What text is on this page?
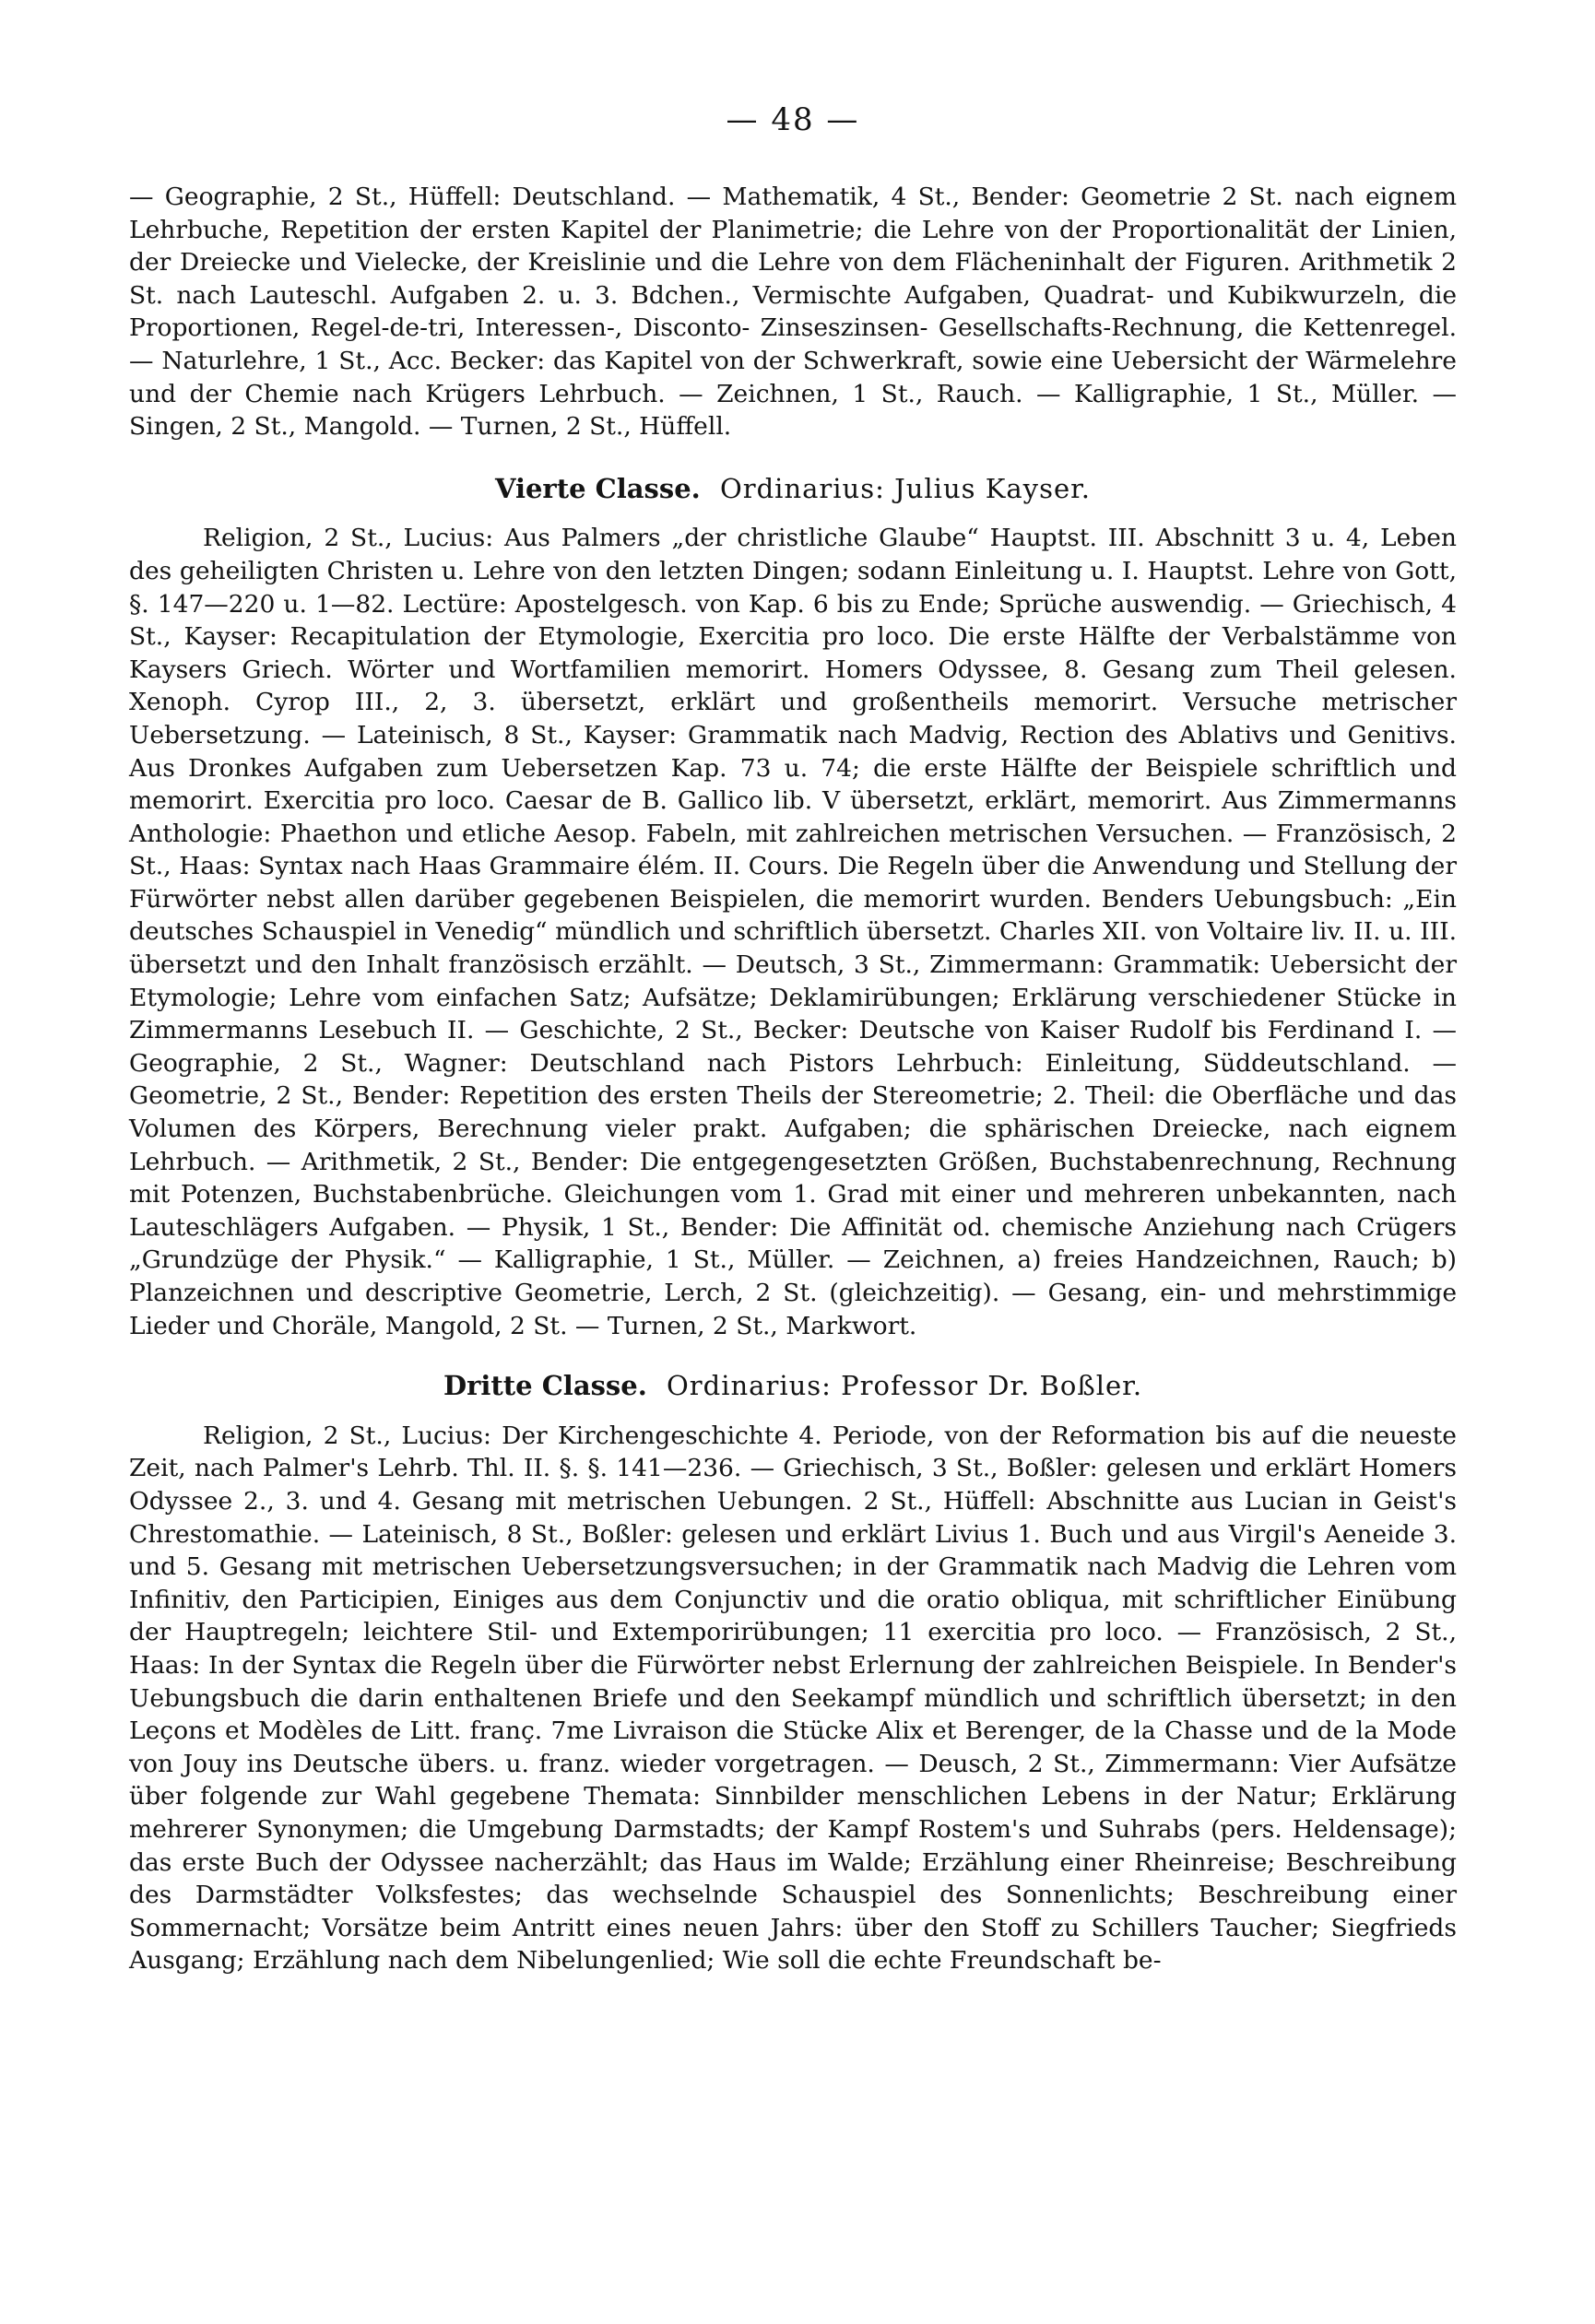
— 48 —

— Geographie, 2 St., Hüffell: Deutschland. — Mathematik, 4 St., Bender: Geometrie 2 St. nach eignem Lehrbuche, Repetition der ersten Kapitel der Planimetrie; die Lehre von der Proportionalität der Linien, der Dreiecke und Vielecke, der Kreislinie und die Lehre von dem Flächeninhalt der Figuren. Arithmetik 2 St. nach Lauteschl. Aufgaben 2. u. 3. Bdchen., Vermischte Aufgaben, Quadrat- und Kubikwurzeln, die Proportionen, Regel-de-tri, Interessen-, Disconto- Zinseszinsen- Gesellschafts-Rechnung, die Kettenregel. — Naturlehre, 1 St., Acc. Becker: das Kapitel von der Schwerkraft, sowie eine Uebersicht der Wärmelehre und der Chemie nach Krügers Lehrbuch. — Zeichnen, 1 St., Rauch. — Kalligraphie, 1 St., Müller. — Singen, 2 St., Mangold. — Turnen, 2 St., Hüffell.

Vierte Classe. Ordinarius: Julius Kayser.

Religion, 2 St., Lucius: Aus Palmers „der christliche Glaube“ Hauptst. III. Abschnitt 3 u. 4, Leben des geheiligten Christen u. Lehre von den letzten Dingen; sodann Einleitung u. I. Hauptst. Lehre von Gott, §. 147—220 u. 1—82. Lectüre: Apostelgesch. von Kap. 6 bis zu Ende; Sprüche auswendig. — Griechisch, 4 St., Kayser: Recapitulation der Etymologie, Exercitia pro loco. Die erste Hälfte der Verbalstämme von Kaysers Griech. Wörter und Wortfamilien memorirt. Homers Odyssee, 8. Gesang zum Theil gelesen. Xenoph. Cyrop III., 2, 3. übersetzt, erklärt und großentheils memorirt. Versuche metrischer Uebersetzung. — Lateinisch, 8 St., Kayser: Grammatik nach Madvig, Rection des Ablativs und Genitivs. Aus Dronkes Aufgaben zum Uebersetzen Kap. 73 u. 74; die erste Hälfte der Beispiele schriftlich und memorirt. Exercitia pro loco. Caesar de B. Gallico lib. V übersetzt, erklärt, memorirt. Aus Zimmermanns Anthologie: Phaethon und etliche Aesop. Fabeln, mit zahlreichen metrischen Versuchen. — Französisch, 2 St., Haas: Syntax nach Haas Grammaire élém. II. Cours. Die Regeln über die Anwendung und Stellung der Fürwörter nebst allen darüber gegebenen Beispielen, die memorirt wurden. Benders Uebungsbuch: „Ein deutsches Schauspiel in Venedig“ mündlich und schriftlich übersetzt. Charles XII. von Voltaire liv. II. u. III. übersetzt und den Inhalt französisch erzählt. — Deutsch, 3 St., Zimmermann: Grammatik: Uebersicht der Etymologie; Lehre vom einfachen Satz; Aufsätze; Deklamirübungen; Erklärung verschiedener Stücke in Zimmermanns Lesebuch II. — Geschichte, 2 St., Becker: Deutsche von Kaiser Rudolf bis Ferdinand I. — Geographie, 2 St., Wagner: Deutschland nach Pistors Lehrbuch: Einleitung, Süddeutschland. — Geometrie, 2 St., Bender: Repetition des ersten Theils der Stereometrie; 2. Theil: die Oberfläche und das Volumen des Körpers, Berechnung vieler prakt. Aufgaben; die sphärischen Dreiecke, nach eignem Lehrbuch. — Arithmetik, 2 St., Bender: Die entgegengesetzten Größen, Buchstabenrechnung, Rechnung mit Potenzen, Buchstabenbrüche. Gleichungen vom 1. Grad mit einer und mehreren unbekannten, nach Lauteschlägers Aufgaben. — Physik, 1 St., Bender: Die Affinität od. chemische Anziehung nach Crügers „Grundzüge der Physik.“ — Kalligraphie, 1 St., Müller. — Zeichnen, a) freies Handzeichnen, Rauch; b) Planzeichnen und descriptive Geometrie, Lerch, 2 St. (gleichzeitig). — Gesang, ein- und mehrstimmige Lieder und Choräle, Mangold, 2 St. — Turnen, 2 St., Markwort.

Dritte Classe. Ordinarius: Professor Dr. Boßler.

Religion, 2 St., Lucius: Der Kirchengeschichte 4. Periode, von der Reformation bis auf die neueste Zeit, nach Palmer's Lehrb. Thl. II. §. §. 141—236. — Griechisch, 3 St., Boßler: gelesen und erklärt Homers Odyssee 2., 3. und 4. Gesang mit metrischen Uebungen. 2 St., Hüffell: Abschnitte aus Lucian in Geist's Chrestomathie. — Lateinisch, 8 St., Boßler: gelesen und erklärt Livius 1. Buch und aus Virgil's Aeneide 3. und 5. Gesang mit metrischen Uebersetzungsversuchen; in der Grammatik nach Madvig die Lehren vom Infinitiv, den Participien, Einiges aus dem Conjunctiv und die oratio obliqua, mit schriftlicher Einübung der Hauptregeln; leichtere Stil- und Extemporirübungen; 11 exercitia pro loco. — Französisch, 2 St., Haas: In der Syntax die Regeln über die Fürwörter nebst Erlernung der zahlreichen Beispiele. In Bender's Uebungsbuch die darin enthaltenen Briefe und den Seekampf mündlich und schriftlich übersetzt; in den Leçons et Modèles de Litt. franç. 7me Livraison die Stücke Alix et Berenger, de la Chasse und de la Mode von Jouy ins Deutsche übers. u. franz. wieder vorgetragen. — Deusch, 2 St., Zimmermann: Vier Aufsätze über folgende zur Wahl gegebene Themata: Sinnbilder menschlichen Lebens in der Natur; Erklärung mehrerer Synonymen; die Umgebung Darmstadts; der Kampf Rostem's und Suhrabs (pers. Heldensage); das erste Buch der Odyssee nacherzählt; das Haus im Walde; Erzählung einer Rheinreise; Beschreibung des Darmstädter Volksfestes; das wechselnde Schauspiel des Sonnenlichts; Beschreibung einer Sommernacht; Vorsätze beim Antritt eines neuen Jahrs: über den Stoff zu Schillers Taucher; Siegfrieds Ausgang; Erzählung nach dem Nibelungenlied; Wie soll die echte Freundschaft be-
